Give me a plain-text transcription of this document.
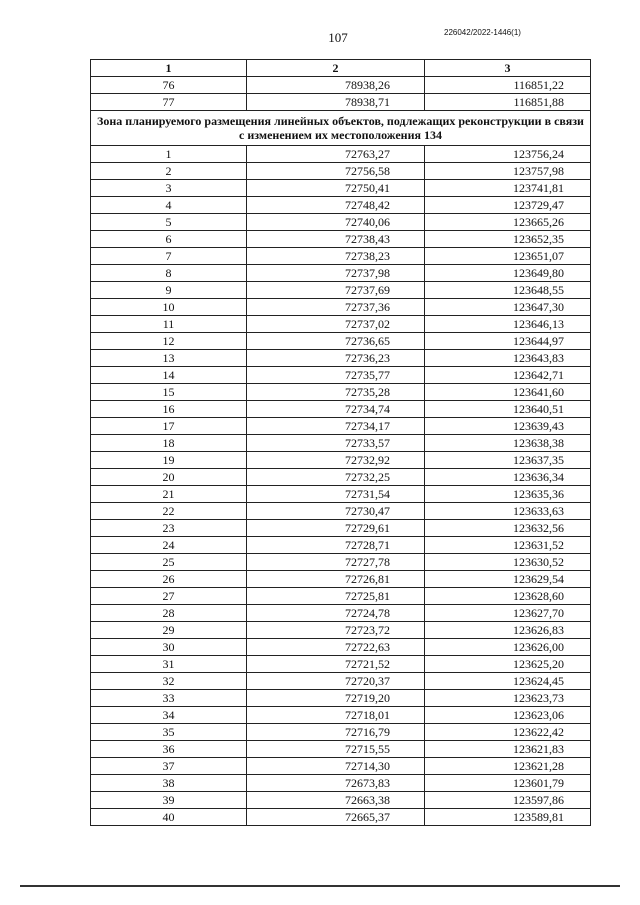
107	226042/2022-1446(1)
1	2	3
76	78938,26	116851,22
77	78938,71	116851,88
Зона планируемого размещения линейных объектов, подлежащих реконструкции в связи с изменением их местоположения 134		
1	72763,27	123756,24
2	72756,58	123757,98
3	72750,41	123741,81
4	72748,42	123729,47
5	72740,06	123665,26
6	72738,43	123652,35
7	72738,23	123651,07
8	72737,98	123649,80
9	72737,69	123648,55
10	72737,36	123647,30
11	72737,02	123646,13
12	72736,65	123644,97
13	72736,23	123643,83
14	72735,77	123642,71
15	72735,28	123641,60
16	72734,74	123640,51
17	72734,17	123639,43
18	72733,57	123638,38
19	72732,92	123637,35
20	72732,25	123636,34
21	72731,54	123635,36
22	72730,47	123633,63
23	72729,61	123632,56
24	72728,71	123631,52
25	72727,78	123630,52
26	72726,81	123629,54
27	72725,81	123628,60
28	72724,78	123627,70
29	72723,72	123626,83
30	72722,63	123626,00
31	72721,52	123625,20
32	72720,37	123624,45
33	72719,20	123623,73
34	72718,01	123623,06
35	72716,79	123622,42
36	72715,55	123621,83
37	72714,30	123621,28
38	72673,83	123601,79
39	72663,38	123597,86
40	72665,37	123589,81
